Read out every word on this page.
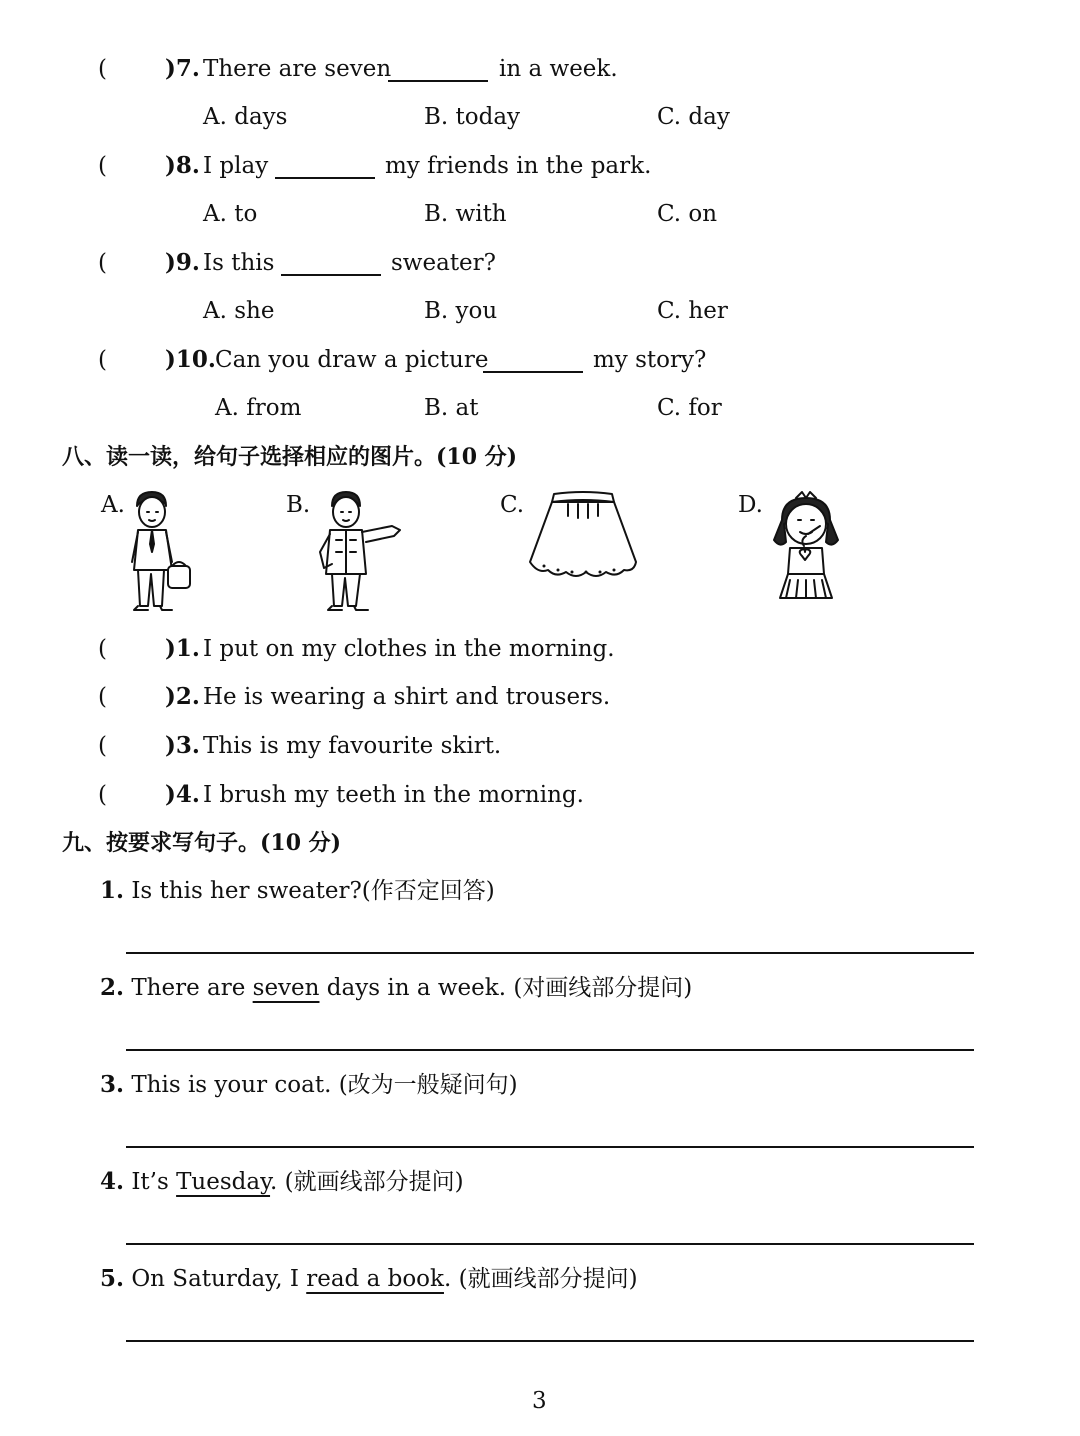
(	)7. There are seven	in a week.
A. days	B. today	C. day
(	)8. I play	my friends in the park.
A. to	B. with	C. on
(	)9. Is this	sweater?
A. she	B. you	C. her
(	)10. Can you draw a picture	my story?
A. from	B. at	C. for
八、读一读，给句子选择相应的图片。(10 分)
A.	B.	C.	D.
(	)1. I put on my clothes in the morning.
(	)2. He is wearing a shirt and trousers.
(	)3. This is my favourite skirt.
(	)4. I brush my teeth in the morning.
九、按要求写句子。(10 分)
1. Is this her sweater?(作否定回答)
2. There are seven days in a week. (对画线部分提问)
3. This is your coat. (改为一般疑问句)
4. It’s Tuesday. (就画线部分提问)
5. On Saturday, I read a book. (就画线部分提问)
3
